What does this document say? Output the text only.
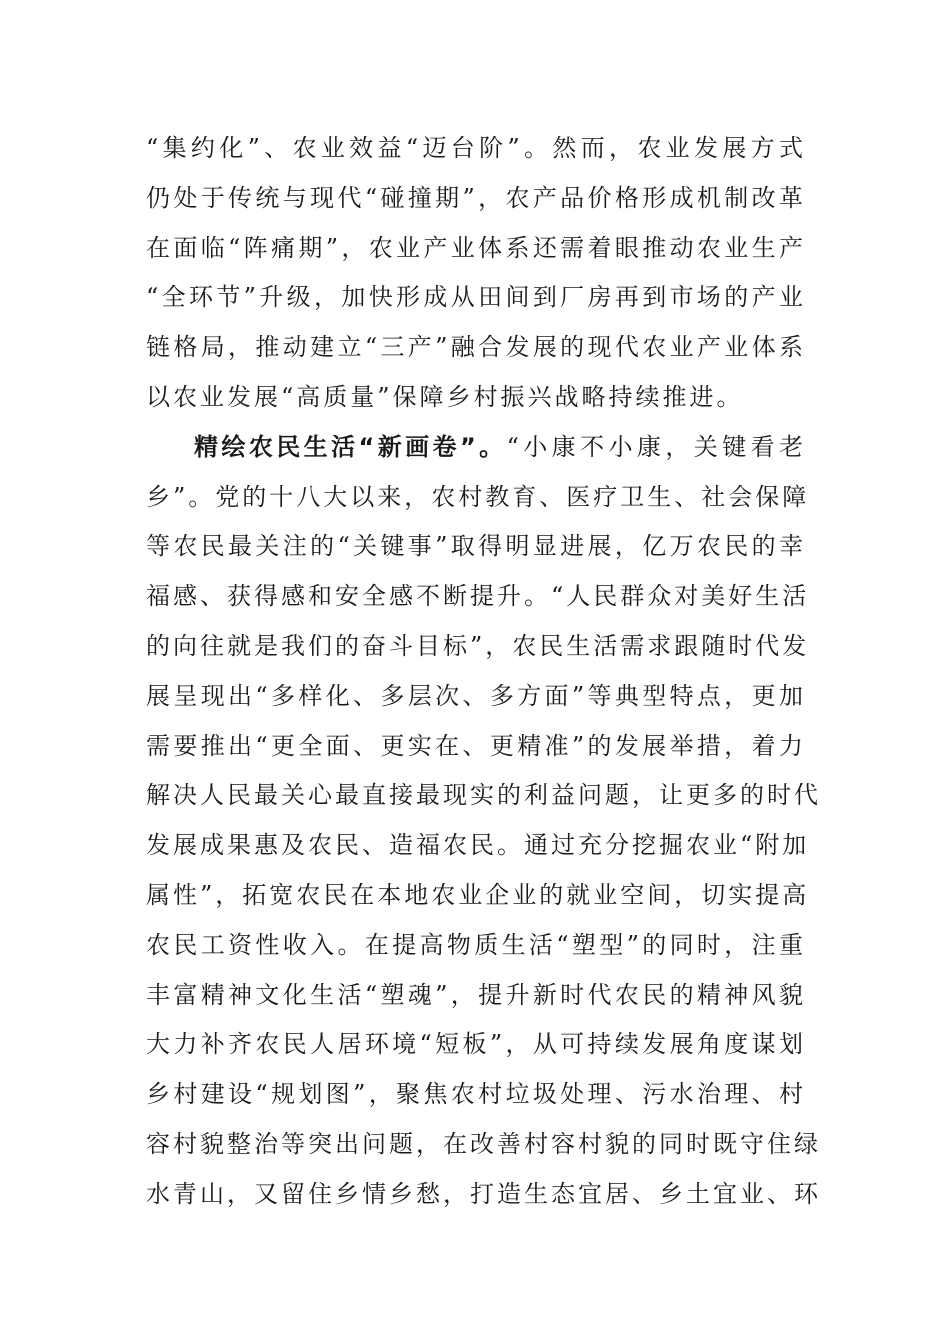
“集约化”、农业效益“迈台阶”。然而，农业发展方式
仍处于传统与现代“碰撞期”，农产品价格形成机制改革
在面临“阵痛期”，农业产业体系还需着眼推动农业生产
“全环节”升级，加快形成从田间到厂房再到市场的产业
链格局，推动建立“三产”融合发展的现代农业产业体系
以农业发展“高质量”保障乡村振兴战略持续推进。
精绘农民生活“新画卷”。“小康不小康，关键看老
乡”。党的十八大以来，农村教育、医疗卫生、社会保障
等农民最关注的“关键事”取得明显进展，亿万农民的幸
福感、获得感和安全感不断提升。“人民群众对美好生活
的向往就是我们的奋斗目标”，农民生活需求跟随时代发
展呈现出“多样化、多层次、多方面”等典型特点，更加
需要推出“更全面、更实在、更精准”的发展举措，着力
解决人民最关心最直接最现实的利益问题，让更多的时代
发展成果惠及农民、造福农民。通过充分挖掘农业“附加
属性”，拓宽农民在本地农业企业的就业空间，切实提高
农民工资性收入。在提高物质生活“塑型”的同时，注重
丰富精神文化生活“塑魂”，提升新时代农民的精神风貌
大力补齐农民人居环境“短板”，从可持续发展角度谋划
乡村建设“规划图”，聚焦农村垃圾处理、污水治理、村
容村貌整治等突出问题，在改善村容村貌的同时既守住绿
水青山，又留住乡情乡愁，打造生态宜居、乡土宜业、环
